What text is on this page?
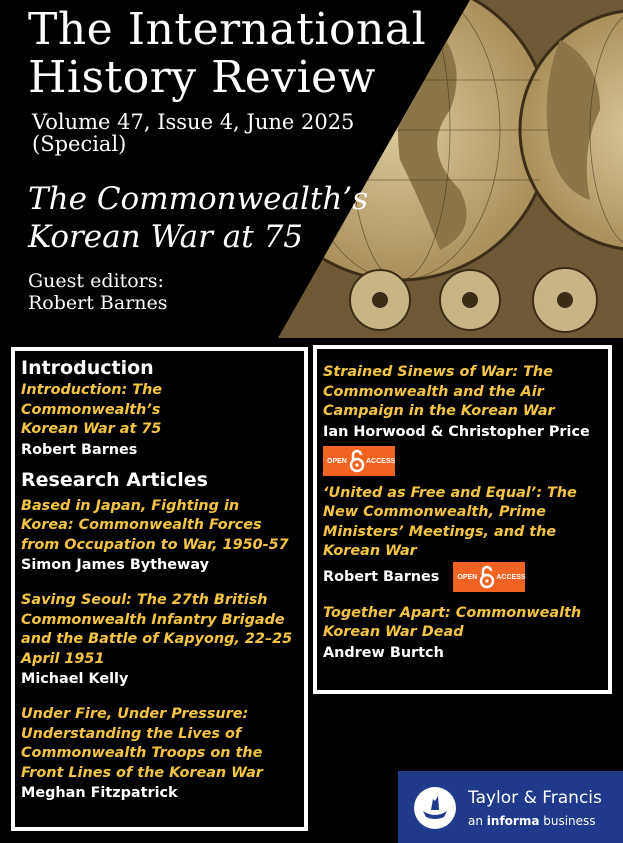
The International
History Review
Volume 47, Issue 4, June 2025
(Special)
The Commonwealth’s
Korean War at 75
Guest editors:
Robert Barnes
Introduction
Introduction: The Commonwealth’s Korean War at 75
Robert Barnes
Research Articles
Based in Japan, Fighting in Korea: Commonwealth Forces from Occupation to War, 1950-57
Simon James Bytheway
Saving Seoul: The 27th British Commonwealth Infantry Brigade and the Battle of Kapyong, 22–25 April 1951
Michael Kelly
Under Fire, Under Pressure: Understanding the Lives of Commonwealth Troops on the Front Lines of the Korean War
Meghan Fitzpatrick
Strained Sinews of War: The Commonwealth and the Air Campaign in the Korean War
Ian Horwood & Christopher Price
OPEN	ACCESS
‘United as Free and Equal’: The New Commonwealth, Prime Ministers’ Meetings, and the Korean War
Robert Barnes	OPEN	ACCESS
Together Apart: Commonwealth Korean War Dead
Andrew Burtch
Taylor & Francis
an informa business
